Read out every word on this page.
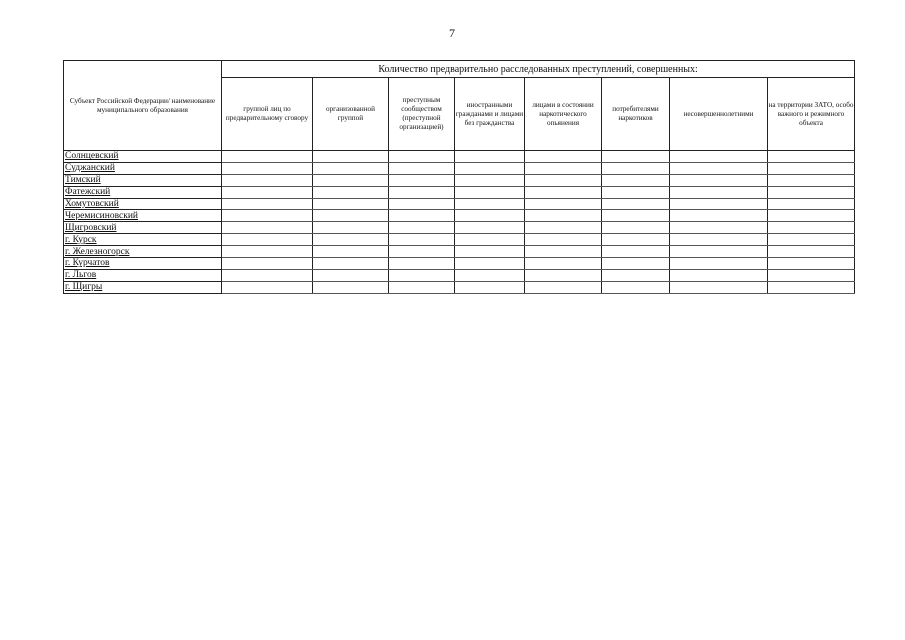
7
Субъект Российской Федерации/ наименование муниципального образования	Количество предварительно расследованных преступлений, совершенных:							
	группой лиц по предварительному сговору	организованной группой	преступным сообществом (преступной организацией)	иностранными гражданами и лицами без гражданства	лицами в состоянии наркотического опьянения	потребителями наркотиков	несовершеннолетними	на территории ЗАТО, особо важного и режимного объекта
Солнцевский								
Суджанский								
Тимский								
Фатежский								
Хомутовский								
Черемисиновский								
Щигровский								
г. Курск								
г. Железногорск								
г. Курчатов								
г. Льгов								
г. Щигры								
